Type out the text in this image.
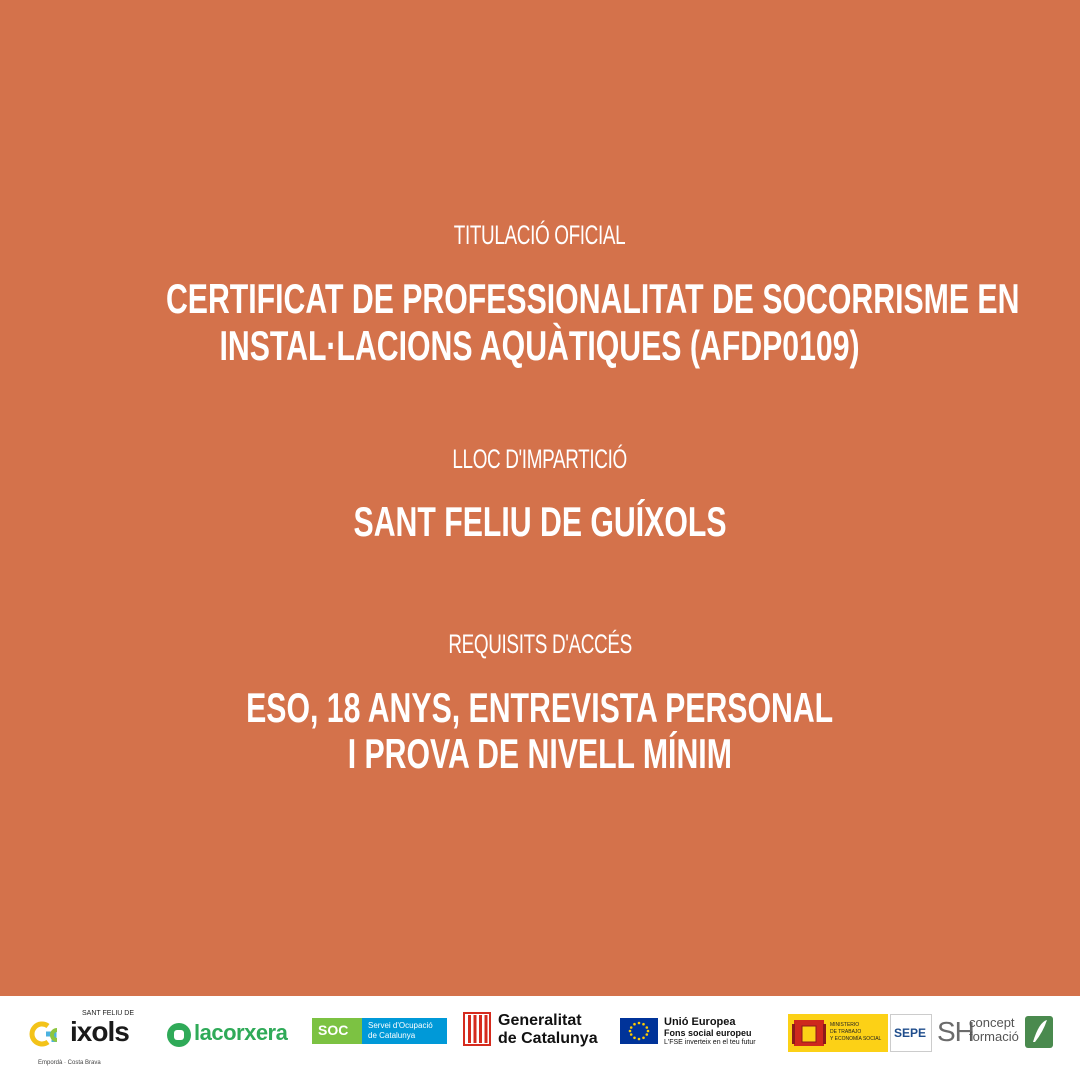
TITULACIÓ OFICIAL
CERTIFICAT DE PROFESSIONALITAT DE SOCORRISME EN
INSTAL·LACIONS AQUÀTIQUES (AFDP0109)
LLOC D'IMPARTICIÓ
SANT FELIU DE GUÍXOLS
REQUISITS D'ACCÉS
ESO, 18 ANYS, ENTREVISTA PERSONAL
I PROVA DE NIVELL MÍNIM
SANT FELIU DE
ixols
Empordà · Costa Brava
lacorxera SOC Servei d'Ocupació
de Catalunya
Generalitat
de Catalunya
Unió Europea
Fons social europeu
L'FSE inverteix en el teu futur
MINISTERIO
DE TRABAJO
Y ECONOMÍA SOCIAL SEPE SH
concept
formació
